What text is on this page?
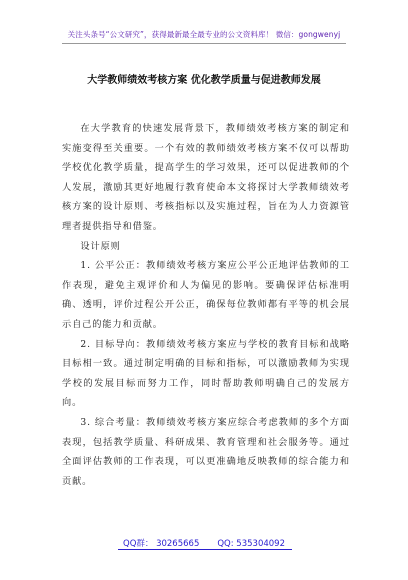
关注头条号“公文研究”，获得最新最全最专业的公文资料库！ 微信：gongwenyj
大学教师绩效考核方案 优化教学质量与促进教师发展

在大学教育的快速发展背景下，教师绩效考核方案的制定和实施变得至关重要。一个有效的教师绩效考核方案不仅可以帮助学校优化教学质量，提高学生的学习效果，还可以促进教师的个人发展，激励其更好地履行教育使命本文将探讨大学教师绩效考核方案的设计原则、考核指标以及实施过程，旨在为人力资源管理者提供指导和借鉴。

设计原则

1. 公平公正：教师绩效考核方案应公平公正地评估教师的工作表现，避免主观评价和人为偏见的影响。要确保评估标准明确、透明，评价过程公开公正，确保每位教师都有平等的机会展示自己的能力和贡献。

2. 目标导向：教师绩效考核方案应与学校的教育目标和战略目标相一致。通过制定明确的目标和指标，可以激励教师为实现学校的发展目标而努力工作，同时帮助教师明确自己的发展方向。

3. 综合考量：教师绩效考核方案应综合考虑教师的多个方面表现，包括教学质量、科研成果、教育管理和社会服务等。通过全面评估教师的工作表现，可以更准确地反映教师的综合能力和贡献。

QQ群： 30265665 QQ: 535304092
